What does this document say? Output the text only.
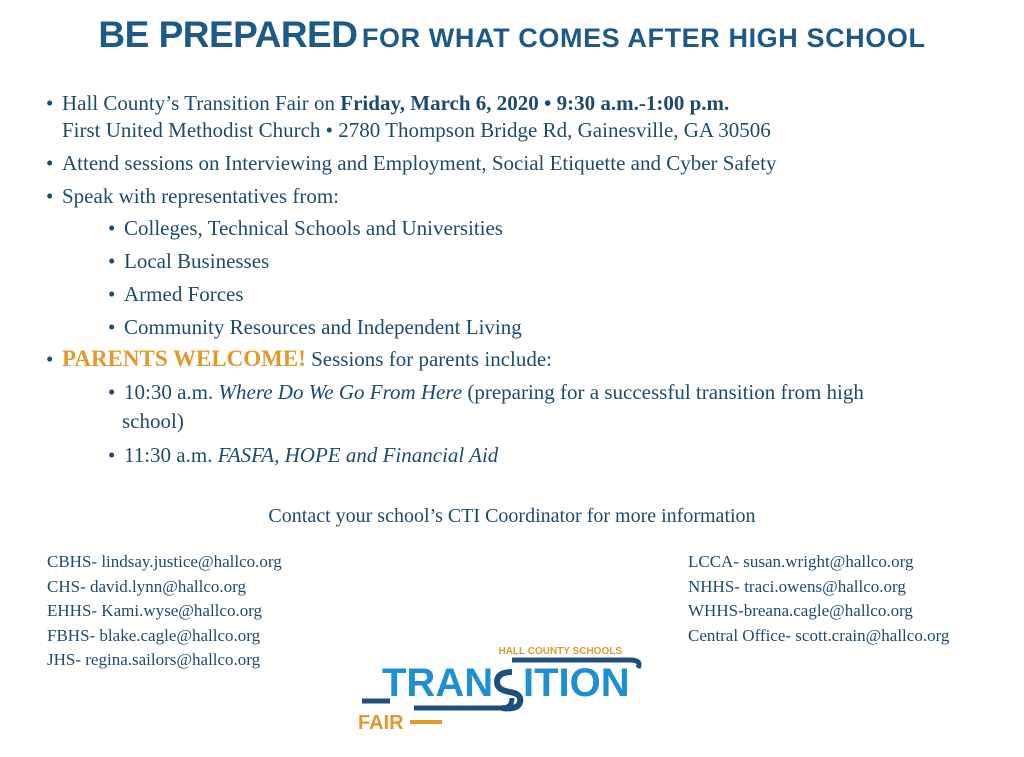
BE PREPARED FOR WHAT COMES AFTER HIGH SCHOOL
• Hall County’s Transition Fair on Friday, March 6, 2020 • 9:30 a.m.-1:00 p.m.
First United Methodist Church • 2780 Thompson Bridge Rd, Gainesville, GA 30506
• Attend sessions on Interviewing and Employment, Social Etiquette and Cyber Safety
• Speak with representatives from:
• Colleges, Technical Schools and Universities
• Local Businesses
• Armed Forces
• Community Resources and Independent Living
• PARENTS WELCOME! Sessions for parents include:
• 10:30 a.m. Where Do We Go From Here (preparing for a successful transition from high
school)
• 11:30 a.m. FASFA, HOPE and Financial Aid
Contact your school’s CTI Coordinator for more information
CBHS- lindsay.justice@hallco.org
CHS- david.lynn@hallco.org
EHHS- Kami.wyse@hallco.org
FBHS- blake.cagle@hallco.org
JHS- regina.sailors@hallco.org
LCCA- susan.wright@hallco.org
NHHS- traci.owens@hallco.org
WHHS-breana.cagle@hallco.org
Central Office- scott.crain@hallco.org
HALL COUNTY SCHOOLS
TRAN ITION
FAIR
